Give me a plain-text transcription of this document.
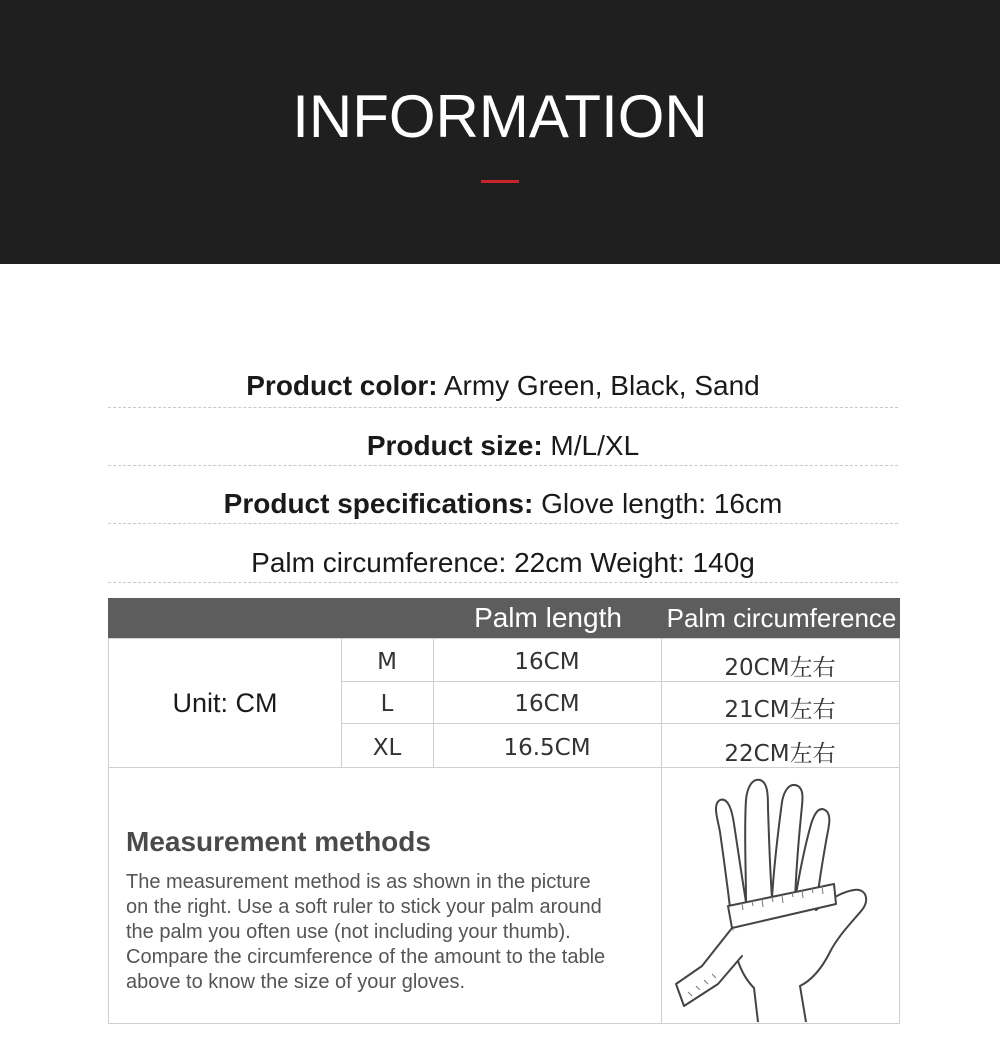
INFORMATION
Product color: Army Green, Black, Sand
Product size: M/L/XL
Product specifications: Glove length: 16cm
Palm circumference: 22cm Weight: 140g
Palm length	Palm circumference
Unit: CM
M	16CM	20CM左右
L	16CM	21CM左右
XL	16.5CM	22CM左右
Measurement methods
The measurement method is as shown in the picture
on the right. Use a soft ruler to stick your palm around
the palm you often use (not including your thumb).
Compare the circumference of the amount to the table
above to know the size of your gloves.
